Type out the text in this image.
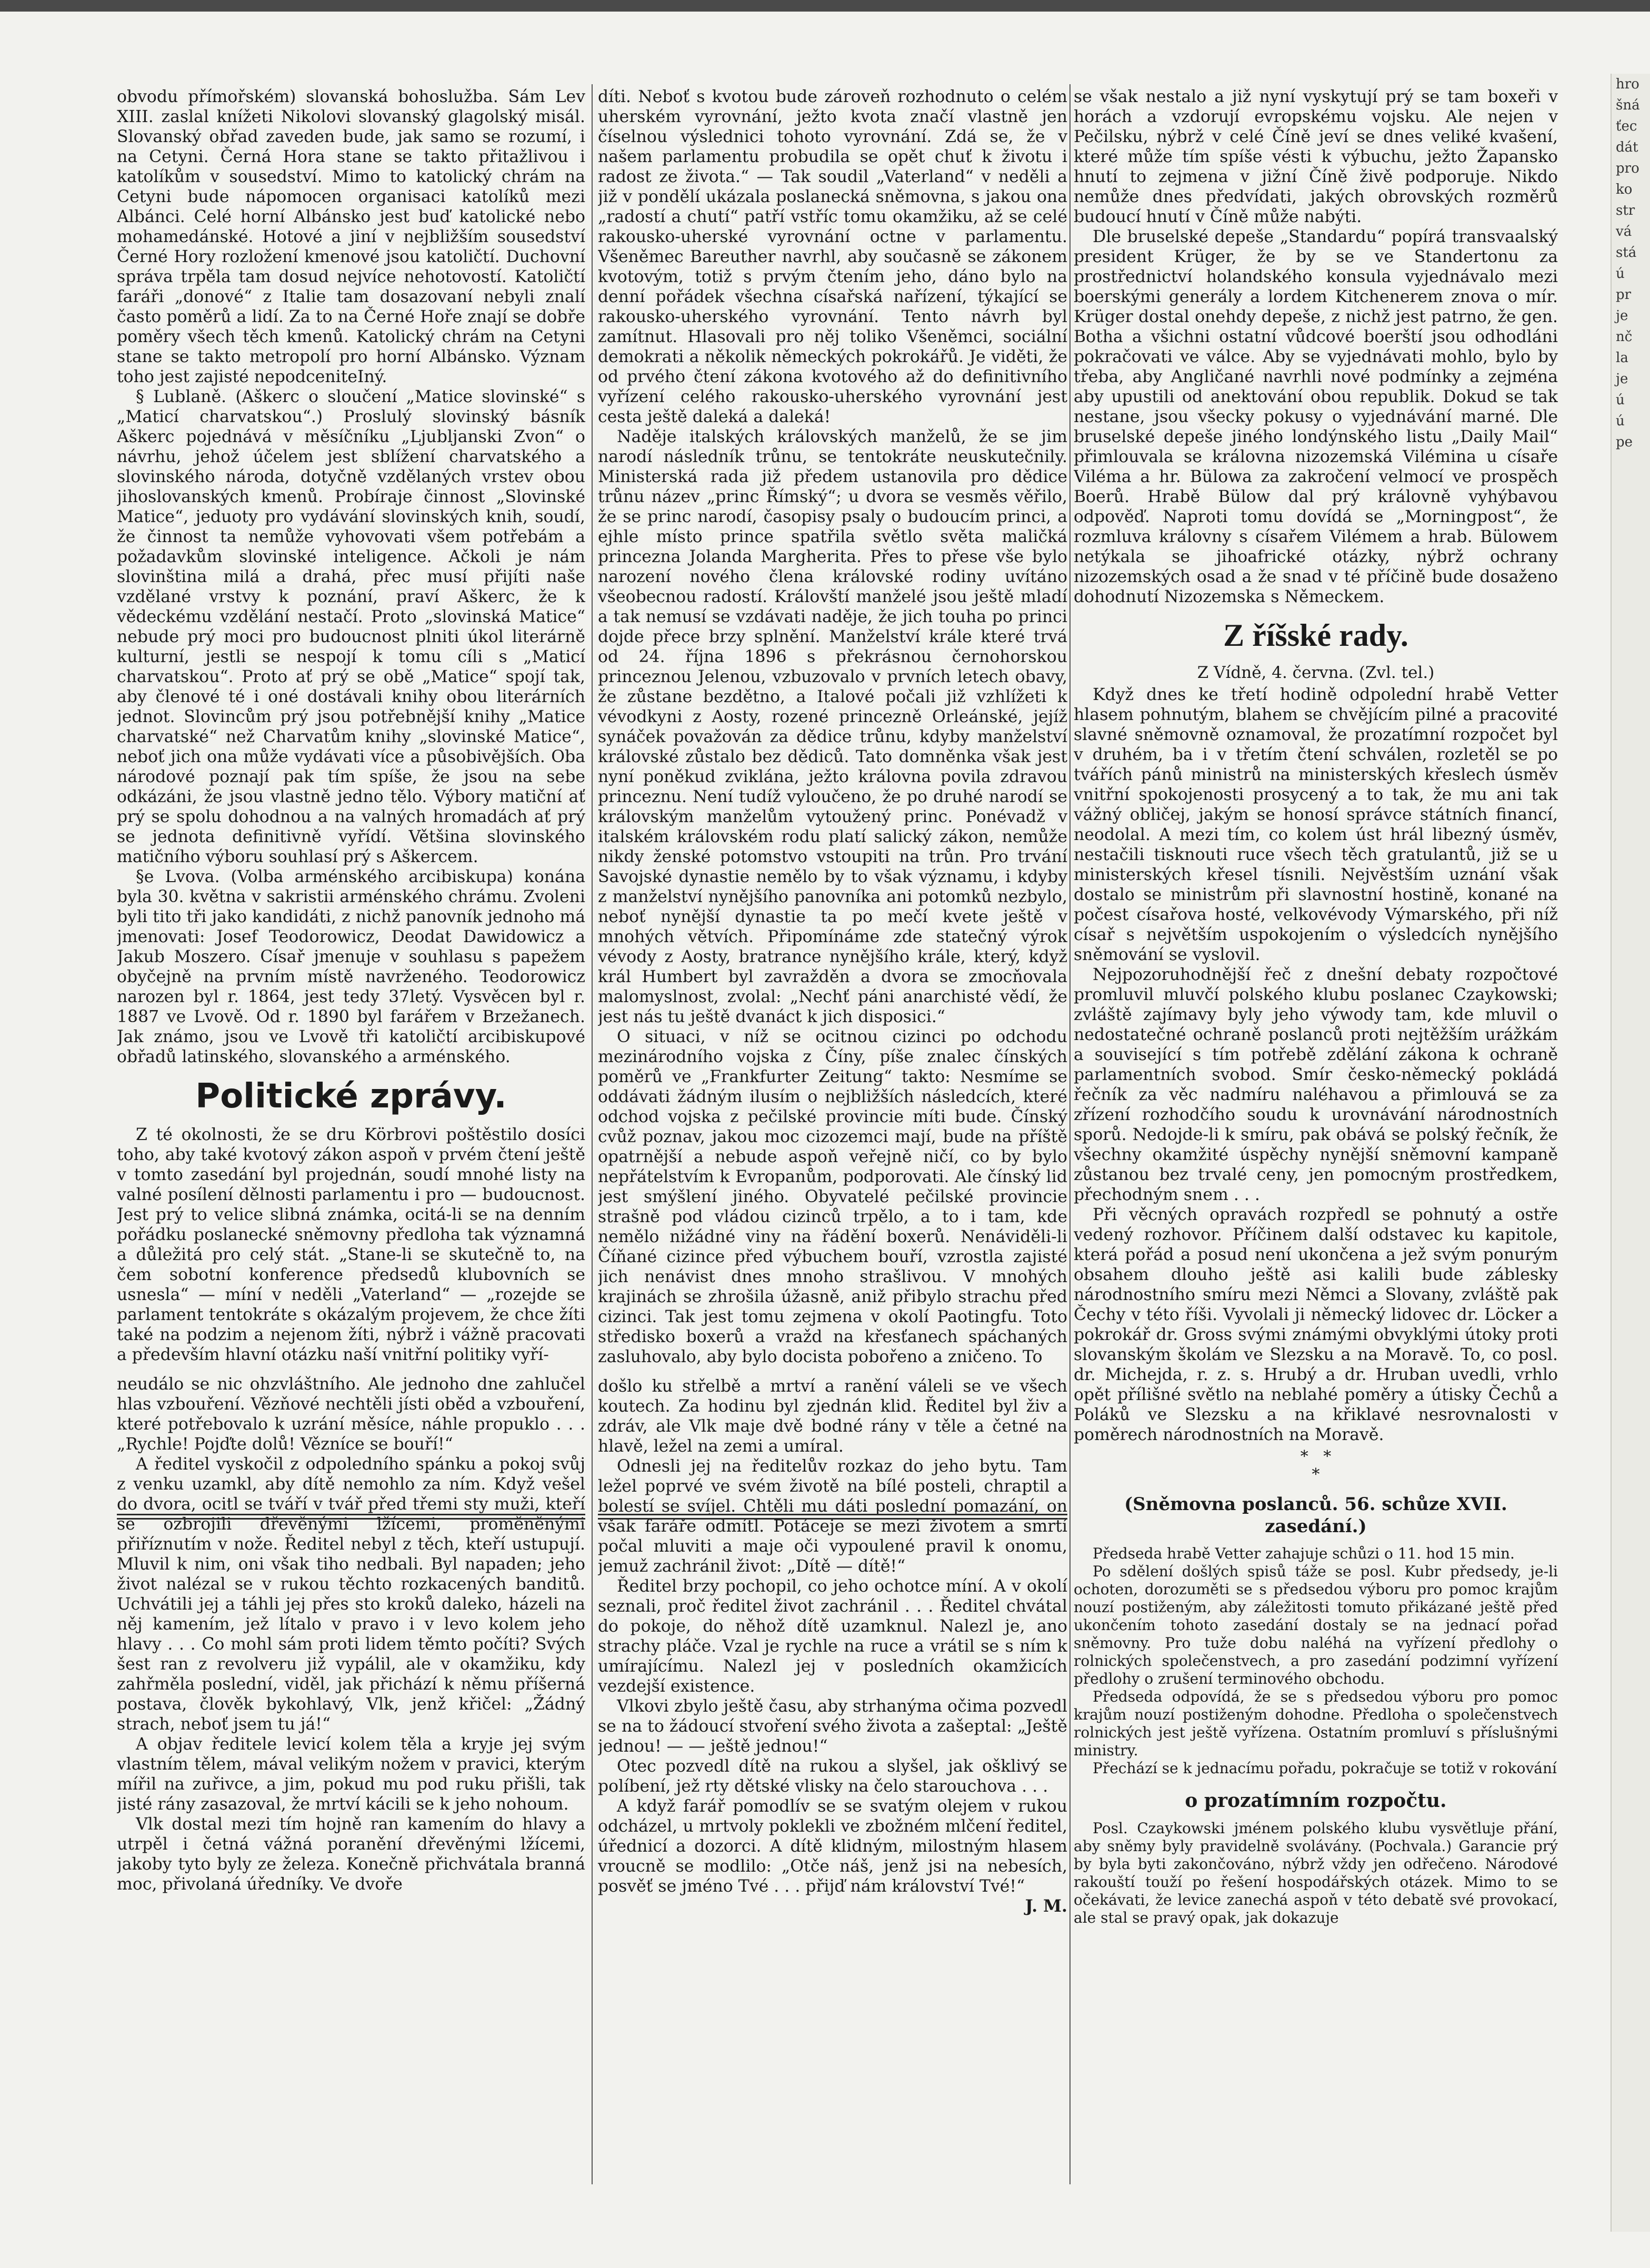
obvodu přímořském) slovanská bohoslužba. Sám Lev XIII. zaslal knížeti Nikolovi slovanský glagolský misál. Slovanský obřad zaveden bude, jak samo se rozumí, i na Cetyni. Černá Hora stane se takto přitažlivou i katolíkům v sousedství. Mimo to katolický chrám na Cetyni bude nápomocen organisaci katolíků mezi Albánci. Celé horní Albánsko jest buď katolické nebo mohamedánské. Hotové a jiní v nejbližším sousedství Černé Hory rozložení kmenové jsou katoličtí. Duchovní správa trpěla tam dosud nejvíce nehotovostí. Katoličtí faráři „donové“ z Italie tam dosazovaní nebyli znalí často poměrů a lidí. Za to na Černé Hoře znají se dobře poměry všech těch kmenů. Katolický chrám na Cetyni stane se takto metropolí pro horní Albánsko. Význam toho jest zajisté nepodceniteIný.

§ Lublaně. (Aškerc o sloučení „Matice slovinské“ s „Maticí charvatskou“.) Proslulý slovinský básník Aškerc pojednává v měsíčníku „Ljubljanski Zvon“ o návrhu, jehož účelem jest sblížení charvatského a slovinského národa, dotyčně vzdělaných vrstev obou jihoslovanských kmenů. Probíraje činnost „Slovinské Matice“, jeduoty pro vydávání slovinských knih, soudí, že činnost ta nemůže vyhovovati všem potřebám a požadavkům slovinské inteligence. Ačkoli je nám slovinština milá a drahá, přec musí přijíti naše vzdělané vrstvy k poznání, praví Aškerc, že k vědeckému vzdělání nestačí. Proto „slovinská Matice“ nebude prý moci pro budoucnost plniti úkol literárně kulturní, jestli se nespojí k tomu cíli s „Maticí charvatskou“. Proto ať prý se obě „Matice“ spojí tak, aby členové té i oné dostávali knihy obou literárních jednot. Slovincům prý jsou potřebnější knihy „Matice charvatské“ než Charvatům knihy „slovinské Matice“, neboť jich ona může vydávati více a působivějších. Oba národové poznají pak tím spíše, že jsou na sebe odkázáni, že jsou vlastně jedno tělo. Výbory matiční ať prý se spolu dohodnou a na valných hromadách ať prý se jednota definitivně vyřídí. Většina slovinského matičního výboru souhlasí prý s Aškercem.

§e Lvova. (Volba arménského arcibiskupa) konána byla 30. května v sakristii arménského chrámu. Zvoleni byli tito tři jako kandidáti, z nichž panovník jednoho má jmenovati: Josef Teodorowicz, Deodat Dawidowicz a Jakub Moszero. Císař jmenuje v souhlasu s papežem obyčejně na prvním místě navrženého. Teodorowicz narozen byl r. 1864, jest tedy 37letý. Vysvěcen byl r. 1887 ve Lvově. Od r. 1890 byl farářem v Brzežanech. Jak známo, jsou ve Lvově tři katoličtí arcibiskupové obřadů latinského, slovanského a arménského.

Politické zprávy.

Z té okolnosti, že se dru Körbrovi poštěstilo dosíci toho, aby také kvotový zákon aspoň v prvém čtení ještě v tomto zasedání byl projednán, soudí mnohé listy na valné posílení dělnosti parlamentu i pro — budoucnost. Jest prý to velice slibná známka, ocitá-li se na denním pořádku poslanecké sněmovny předloha tak významná a důležitá pro celý stát. „Stane-li se skutečně to, na čem sobotní konference předsedů klubovních se usnesla“ — míní v neděli „Vaterland“ — „rozejde se parlament tentokráte s okázalým projevem, že chce žíti také na podzim a nejenom žíti, nýbrž i vážně pracovati a především hlavní otázku naší vnitřní politiky vyří-

neudálo se nic ohzvláštního. Ale jednoho dne zahlučel hlas vzbouření. Vězňové nechtěli jísti oběd a vzbouření, které potřebovalo k uzrání měsíce, náhle propuklo . . . „Rychle! Pojďte dolů! Vězníce se bouří!“

A ředitel vyskočil z odpoledního spánku a pokoj svůj z venku uzamkl, aby dítě nemohlo za ním. Když vešel do dvora, ocitl se tváří v tvář před třemi sty muži, kteří se ozbrojili dřevěnými lžícemi, proměněnými přiříznutím v nože. Ředitel nebyl z těch, kteří ustupují. Mluvil k nim, oni však tiho nedbali. Byl napaden; jeho život nalézal se v rukou těchto rozkacených banditů. Uchvátili jej a táhli jej přes sto kroků daleko, házeli na něj kamením, jež lítalo v pravo i v levo kolem jeho hlavy . . . Co mohl sám proti lidem těmto počíti? Svých šest ran z revolveru již vypálil, ale v okamžiku, kdy zahřměla poslední, viděl, jak přichází k němu příšerná postava, člověk bykohlavý, Vlk, jenž křičel: „Žádný strach, neboť jsem tu já!“

A objav ředitele levicí kolem těla a kryje jej svým vlastním tělem, mával velikým nožem v pravici, kterým mířil na zuřivce, a jim, pokud mu pod ruku přišli, tak jisté rány zasazoval, že mrtví kácili se k jeho nohoum.

Vlk dostal mezi tím hojně ran kamením do hlavy a utrpěl i četná vážná poranění dřevěnými lžícemi, jakoby tyto byly ze železa. Konečně přichvátala branná moc, přivolaná úředníky. Ve dvoře

díti. Neboť s kvotou bude zároveň rozhodnuto o celém uherském vyrovnání, ježto kvota značí vlastně jen číselnou výslednici tohoto vyrovnání. Zdá se, že v našem parlamentu probudila se opět chuť k životu i radost ze života.“ — Tak soudil „Vaterland“ v neděli a již v pondělí ukázala poslanecká sněmovna, s jakou ona „radostí a chutí“ patří vstříc tomu okamžiku, až se celé rakousko-uherské vyrovnání octne v parlamentu. Všeněmec Bareuther navrhl, aby současně se zákonem kvotovým, totiž s prvým čtením jeho, dáno bylo na denní pořádek všechna císařská nařízení, týkající se rakousko-uherského vyrovnání. Tento návrh byl zamítnut. Hlasovali pro něj toliko Všeněmci, sociální demokrati a několik německých pokrokářů. Je viděti, že od prvého čtení zákona kvotového až do definitivního vyřízení celého rakousko-uherského vyrovnání jest cesta ještě daleká a daleká!

Naděje italských královských manželů, že se jim narodí následník trůnu, se tentokráte neuskutečnily. Ministerská rada již předem ustanovila pro dědice trůnu název „princ Římský“; u dvora se vesměs věřilo, že se princ narodí, časopisy psaly o budoucím princi, a ejhle místo prince spatřila světlo světa maličká princezna Jolanda Margherita. Přes to přese vše bylo narození nového člena královské rodiny uvítáno všeobecnou radostí. Královští manželé jsou ještě mladí a tak nemusí se vzdávati naděje, že jich touha po princi dojde přece brzy splnění. Manželství krále které trvá od 24. října 1896 s překrásnou černohorskou princeznou Jelenou, vzbuzovalo v prvních letech obavy, že zůstane bezdětno, a Italové počali již vzhlížeti k vévodkyni z Aosty, rozené princezně Orleánské, jejíž synáček považován za dědice trůnu, kdyby manželství královské zůstalo bez dědiců. Tato domněnka však jest nyní poněkud zviklána, ježto královna povila zdravou princeznu. Není tudíž vyloučeno, že po druhé narodí se královským manželům vytoužený princ. Ponévadž v italském královském rodu platí salický zákon, nemůže nikdy ženské potomstvo vstoupiti na trůn. Pro trvání Savojské dynastie nemělo by to však významu, i kdyby z manželství nynějšího panovníka ani potomků nezbylo, neboť nynější dynastie ta po mečí kvete ještě v mnohých větvích. Připomínáme zde statečný výrok vévody z Aosty, bratrance nynějšího krále, který, když král Humbert byl zavražděn a dvora se zmocňovala malomyslnost, zvolal: „Nechť páni anarchisté vědí, že jest nás tu ještě dvanáct k jich disposici.“

O situaci, v níž se ocitnou cizinci po odchodu mezinárodního vojska z Číny, píše znalec čínských poměrů ve „Frankfurter Zeitung“ takto: Nesmíme se oddávati žádným ilusím o nejbližších následcích, které odchod vojska z pečilské provincie míti bude. Čínský cvůž poznav, jakou moc cizozemci mají, bude na příště opatrnější a nebude aspoň veřejně ničí, co by bylo nepřátelstvím k Evropanům, podporovati. Ale čínský lid jest smýšlení jiného. Obyvatelé pečilské provincie strašně pod vládou cizinců trpělo, a to i tam, kde nemělo nižádné viny na řádění boxerů. Nenáviděli-li Číňané cizince před výbuchem bouří, vzrostla zajisté jich nenávist dnes mnoho strašlivou. V mnohých krajinách se zhrošila úžasně, aniž přibylo strachu před cizinci. Tak jest tomu zejmena v okolí Paotingfu. Toto středisko boxerů a vražd na křesťanech spáchaných zasluhovalo, aby bylo docista pobořeno a zničeno. To

došlo ku střelbě a mrtví a ranění váleli se ve všech koutech. Za hodinu byl zjednán klid. Ředitel byl živ a zdráv, ale Vlk maje dvě bodné rány v těle a četné na hlavě, ležel na zemi a umíral.

Odnesli jej na ředitelův rozkaz do jeho bytu. Tam ležel poprvé ve svém životě na bílé posteli, chraptil a bolestí se svíjel. Chtěli mu dáti poslední pomazání, on však faráře odmítl. Potáceje se mezi životem a smrtí počal mluviti a maje oči vypoulené pravil k onomu, jemuž zachránil život: „Dítě — dítě!“

Ředitel brzy pochopil, co jeho ochotce míní. A v okolí seznali, proč ředitel život zachránil . . . Ředitel chvátal do pokoje, do něhož dítě uzamknul. Nalezl je, ano strachy pláče. Vzal je rychle na ruce a vrátil se s ním k umírajícímu. Nalezl jej v posledních okamžicích vezdejší existence.

Vlkovi zbylo ještě času, aby strhanýma očima pozvedl se na to žádoucí stvoření svého života a zašeptal: „Ještě jednou! — — ještě jednou!“

Otec pozvedl dítě na rukou a slyšel, jak ošklivý se políbení, jež rty dětské vlisky na čelo starouchova . . .

A když farář pomodlív se se svatým olejem v rukou odcházel, u mrtvoly poklekli ve zbožném mlčení ředitel, úřednicí a dozorci. A dítě klidným, milostným hlasem vroucně se modlilo: „Otče náš, jenž jsi na nebesích, posvěť se jméno Tvé . . . přijď nám království Tvé!“

J. M.

se však nestalo a již nyní vyskytují prý se tam boxeři v horách a vzdorují evropskému vojsku. Ale nejen v Pečilsku, nýbrž v celé Číně jeví se dnes veliké kvašení, které může tím spíše vésti k výbuchu, ježto Žapansko hnutí to zejmena v jižní Číně živě podporuje. Nikdo nemůže dnes předvídati, jakých obrovských rozměrů budoucí hnutí v Číně může nabýti.

Dle bruselské depeše „Standardu“ popírá transvaalský president Krüger, že by se ve Standertonu za prostřednictví holandského konsula vyjednávalo mezi boerskými generály a lordem Kitchenerem znova o mír. Krüger dostal onehdy depeše, z nichž jest patrno, že gen. Botha a všichni ostatní vůdcové boerští jsou odhodláni pokračovati ve válce. Aby se vyjednávati mohlo, bylo by třeba, aby Angličané navrhli nové podmínky a zejména aby upustili od anektování obou republik. Dokud se tak nestane, jsou všecky pokusy o vyjednávání marné. Dle bruselské depeše jiného londýnského listu „Daily Mail“ přimlouvala se královna nizozemská Vilémina u císaře Viléma a hr. Bülowa za zakročení velmocí ve prospěch Boerů. Hrabě Bülow dal prý královně vyhýbavou odpověď. Naproti tomu dovídá se „Morningpost“, že rozmluva královny s císařem Vilémem a hrab. Bülowem netýkala se jihoafrické otázky, nýbrž ochrany nizozemských osad a že snad v té příčině bude dosaženo dohodnutí Nizozemska s Německem.

Z říšské rady.
Z Vídně, 4. června. (Zvl. tel.)

Když dnes ke třetí hodině odpolední hrabě Vetter hlasem pohnutým, blahem se chvějícím pilné a pracovité slavné sněmovně oznamoval, že prozatímní rozpočet byl v druhém, ba i v třetím čtení schválen, rozletěl se po tvářích pánů ministrů na ministerských křeslech úsměv vnitřní spokojenosti prosycený a to tak, že mu ani tak vážný obličej, jakým se honosí správce státních financí, neodolal. A mezi tím, co kolem úst hrál libezný úsměv, nestačili tisknouti ruce všech těch gratulantů, již se u ministerských křesel tísnili. Nejvěstším uznání však dostalo se ministrům při slavnostní hostině, konané na počest císařova hosté, velkovévody Výmarského, při níž císař s největším uspokojením o výsledcích nynějšího sněmování se vyslovil.

Nejpozoruhodnější řeč z dnešní debaty rozpočtové promluvil mluvčí polského klubu poslanec Czaykowski; zvláště zajímavy byly jeho výwody tam, kde mluvil o nedostatečné ochraně poslanců proti nejtěžším urážkám a související s tím potřebě zdělání zákona k ochraně parlamentních svobod. Smír česko-německý pokládá řečník za věc nadmíru naléhavou a přimlouvá se za zřízení rozhodčího soudu k urovnávání národnostních sporů. Nedojde-li k smíru, pak obává se polský řečník, že všechny okamžité úspěchy nynější sněmovní kampaně zůstanou bez trvalé ceny, jen pomocným prostředkem, přechodným snem . . .

Při věcných opravách rozpředl se pohnutý a ostře vedený rozhovor. Příčinem další odstavec ku kapitole, která pořád a posud není ukončena a jež svým ponurým obsahem dlouho ještě asi kalili bude záblesky národnostního smíru mezi Němci a Slovany, zvláště pak Čechy v této říši. Vyvolali ji německý lidovec dr. Löcker a pokrokář dr. Gross svými známými obvyklými útoky proti slovanským školám ve Slezsku a na Moravě. To, co posl. dr. Michejda, r. z. s. Hrubý a dr. Hruban uvedli, vrhlo opět přílišné světlo na neblahé poměry a útisky Čechů a Poláků ve Slezsku a na křiklavé nesrovnalosti v poměrech národnostních na Moravě.

*   *
*
(Sněmovna poslanců. 56. schůze XVII. zasedání.)

Předseda hrabě Vetter zahajuje schůzi o 11. hod 15 min.

Po sdělení došlých spisů táže se posl. Kubr předsedy, je-li ochoten, dorozuměti se s předsedou výboru pro pomoc krajům nouzí postiženým, aby záležitosti tomuto přikázané ještě před ukončením tohoto zasedání dostaly se na jednací pořad sněmovny. Pro tuže dobu naléhá na vyřízení předlohy o rolnických společenstvech, a pro zasedání podzimní vyřízení předlohy o zrušení terminového obchodu.

Předseda odpovídá, že se s předsedou výboru pro pomoc krajům nouzí postiženým dohodne. Předloha o společenstvech rolnických jest ještě vyřízena. Ostatním promluví s příslušnými ministry.

Přechází se k jednacímu pořadu, pokračuje se totiž v rokování

o prozatímním rozpočtu.

Posl. Czaykowski jménem polského klubu vysvětluje přání, aby sněmy byly pravidelně svolávány. (Pochvala.) Garancie prý by byla byti zakončováno, nýbrž vždy jen odřečeno. Národové rakouští touží po řešení hospodářských otázek. Mimo to se očekávati, že levice zanechá aspoň v této debatě své provokací, ale stal se pravý opak, jak dokazuje

hro
šná
ťec
dát
pro
ko
str
vá
stá
ú
pr
je
nč
la
je
ú
ú
pe
